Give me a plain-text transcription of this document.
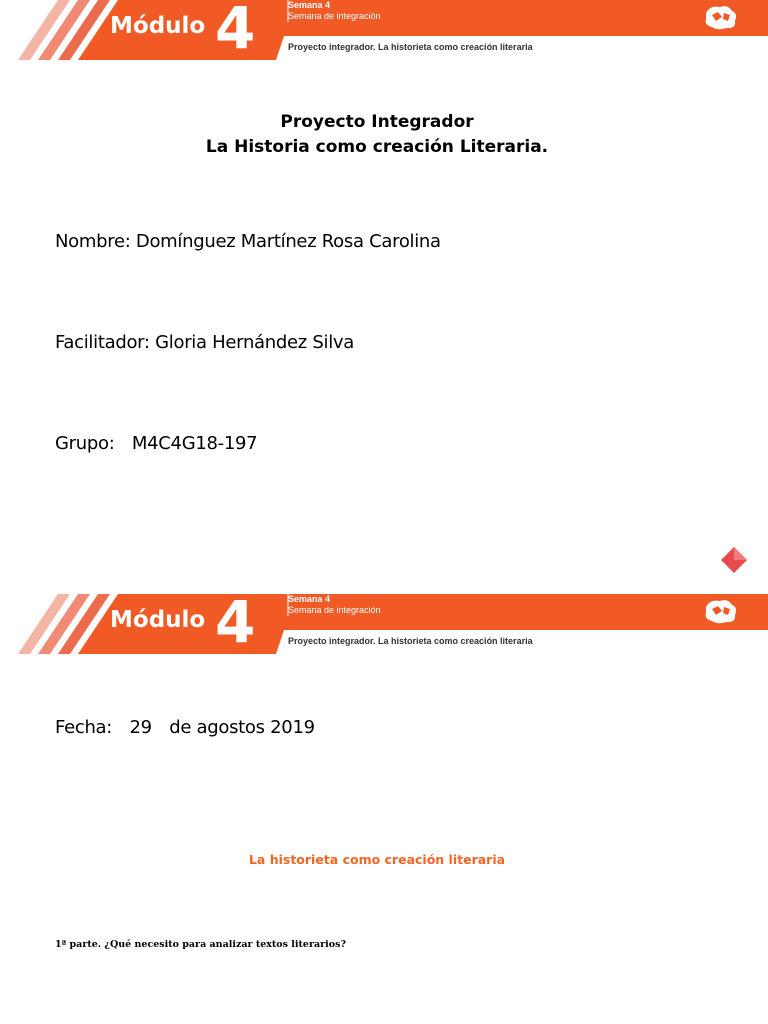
Módulo 4	Semana 4
Semana de integración
Proyecto integrador. La historieta como creación literaria
Proyecto Integrador
La Historia como creación Literaria.
Nombre: Domínguez Martínez Rosa Carolina
Facilitador: Gloria Hernández Silva
Grupo: M4C4G18-197
Módulo 4	Semana 4
Semana de integración
Proyecto integrador. La historieta como creación literaria
Fecha: 29 de agostos 2019
La historieta como creación literaria
1ª parte. ¿Qué necesito para analizar textos literarios?
